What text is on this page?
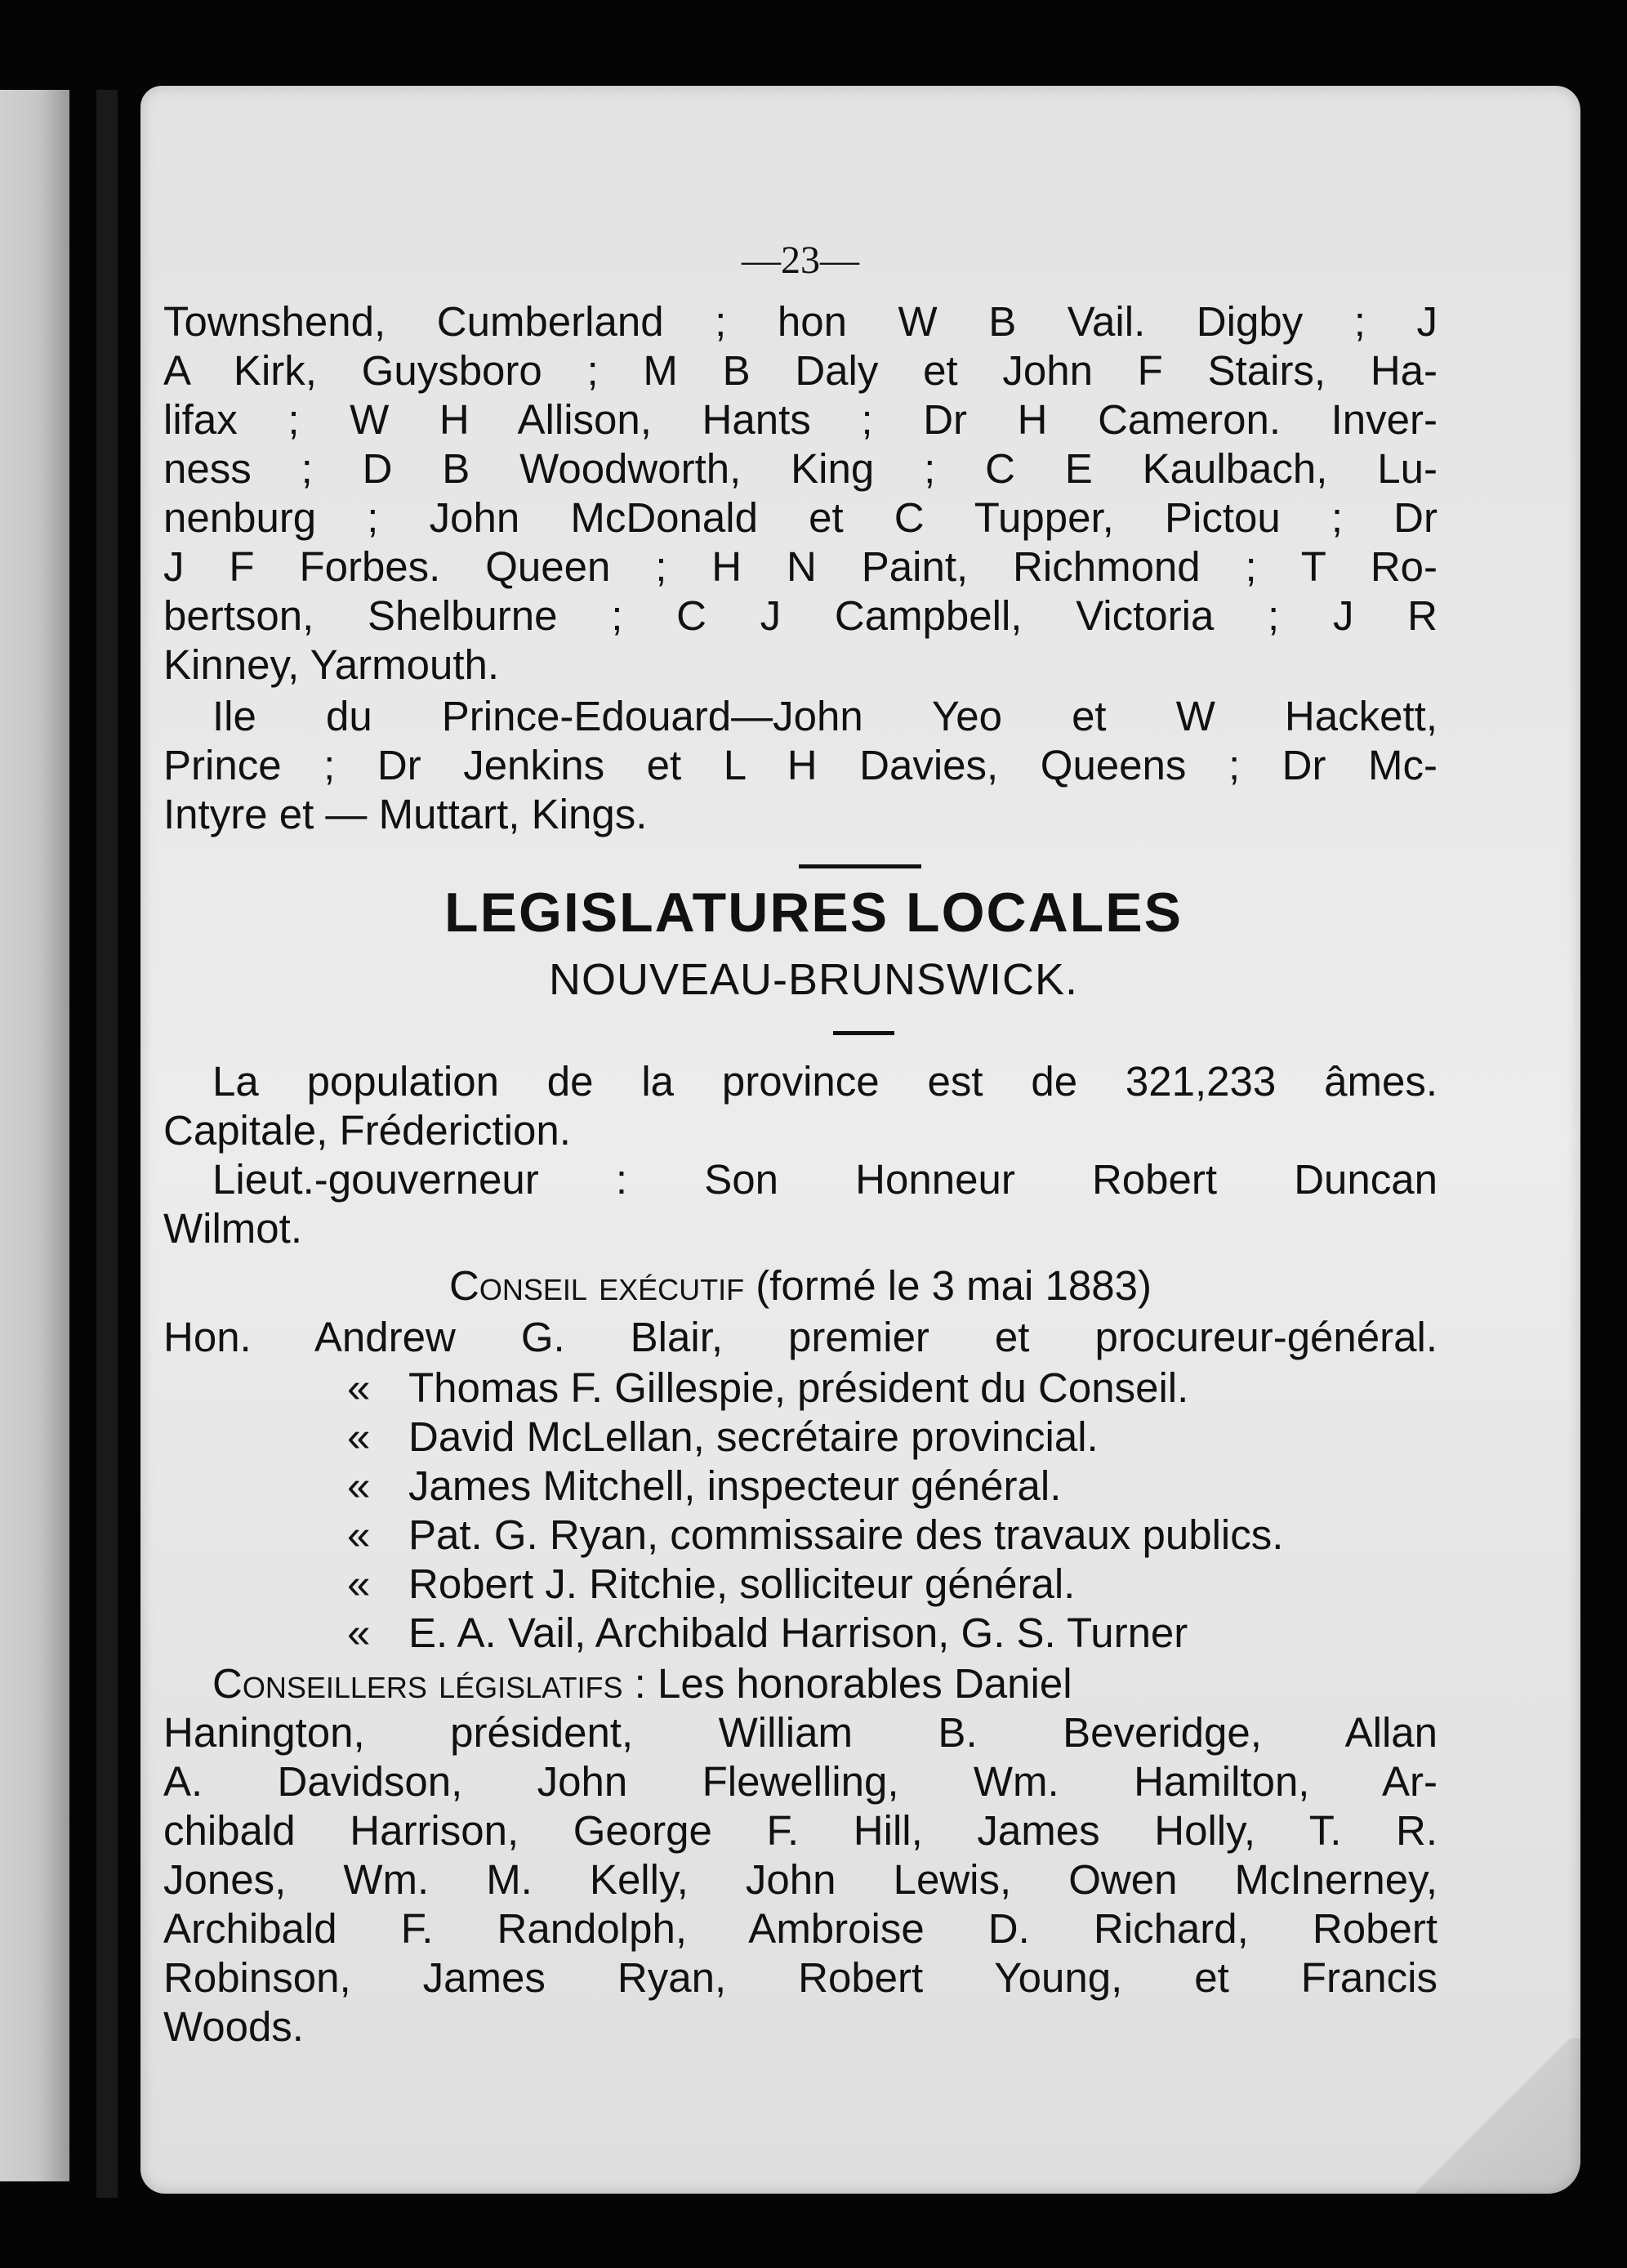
—23—
Townshend, Cumberland ; hon W B Vail. Digby ; J
A Kirk, Guysboro ; M B Daly et John F Stairs, Ha-
lifax ; W H Allison, Hants ; Dr H Cameron. Inver-
ness ; D B Woodworth, King ; C E Kaulbach, Lu-
nenburg ; John McDonald et C Tupper, Pictou ; Dr
J F Forbes. Queen ; H N Paint, Richmond ; T Ro-
bertson, Shelburne ; C J Campbell, Victoria ; J R
Kinney, Yarmouth.
Ile du Prince-Edouard—John Yeo et W Hackett,
Prince ; Dr Jenkins et L H Davies, Queens ; Dr Mc-
Intyre et — Muttart, Kings.
LEGISLATURES LOCALES
NOUVEAU-BRUNSWICK.
La population de la province est de 321,233 âmes.
Capitale, Fréderiction.
Lieut.-gouverneur : Son Honneur Robert Duncan
Wilmot.
Conseil exécutif (formé le 3 mai 1883)
Hon. Andrew G. Blair, premier et procureur-général.
« Thomas F. Gillespie, président du Conseil.
« David McLellan, secrétaire provincial.
« James Mitchell, inspecteur général.
« Pat. G. Ryan, commissaire des travaux publics.
« Robert J. Ritchie, solliciteur général.
« E. A. Vail, Archibald Harrison, G. S. Turner
Conseillers législatifs : Les honorables Daniel
Hanington, président, William B. Beveridge, Allan
A. Davidson, John Flewelling, Wm. Hamilton, Ar-
chibald Harrison, George F. Hill, James Holly, T. R.
Jones, Wm. M. Kelly, John Lewis, Owen McInerney,
Archibald F. Randolph, Ambroise D. Richard, Robert
Robinson, James Ryan, Robert Young, et Francis
Woods.
